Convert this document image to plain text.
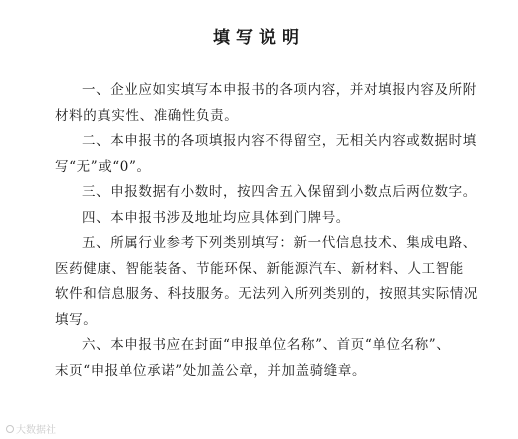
填写说明
一、企业应如实填写本申报书的各项内容，并对填报内容及所附
材料的真实性、准确性负责。
二、本申报书的各项填报内容不得留空，无相关内容或数据时填
写“无”或“0”。
三、申报数据有小数时，按四舍五入保留到小数点后两位数字。
四、本申报书涉及地址均应具体到门牌号。
五、所属行业参考下列类别填写：新一代信息技术、集成电路、
医药健康、智能装备、节能环保、新能源汽车、新材料、人工智能
软件和信息服务、科技服务。无法列入所列类别的，按照其实际情况
填写。
六、本申报书应在封面“申报单位名称”、首页“单位名称”、
末页“申报单位承诺”处加盖公章，并加盖骑缝章。
大数据社
